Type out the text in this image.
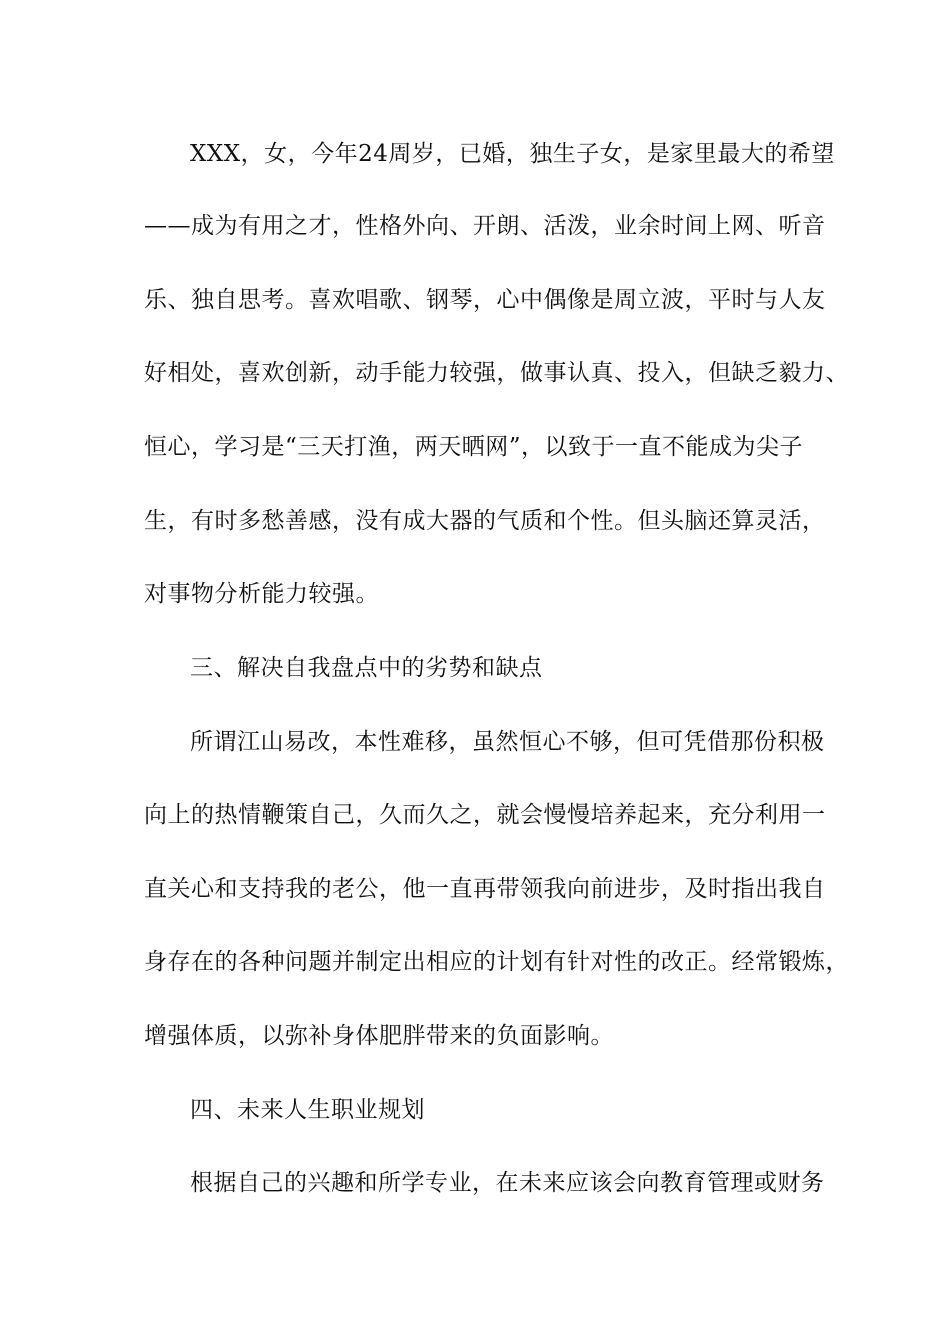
XXX，女，今年24周岁，已婚，独生子女，是家里最大的希望
——成为有用之才，性格外向、开朗、活泼，业余时间上网、听音
乐、独自思考。喜欢唱歌、钢琴，心中偶像是周立波，平时与人友
好相处，喜欢创新，动手能力较强，做事认真、投入，但缺乏毅力、
恒心，学习是“三天打渔，两天晒网”，以致于一直不能成为尖子
生，有时多愁善感，没有成大器的气质和个性。但头脑还算灵活，
对事物分析能力较强。
三、解决自我盘点中的劣势和缺点
所谓江山易改，本性难移，虽然恒心不够，但可凭借那份积极
向上的热情鞭策自己，久而久之，就会慢慢培养起来，充分利用一
直关心和支持我的老公，他一直再带领我向前进步，及时指出我自
身存在的各种问题并制定出相应的计划有针对性的改正。经常锻炼，
增强体质，以弥补身体肥胖带来的负面影响。
四、未来人生职业规划
根据自己的兴趣和所学专业，在未来应该会向教育管理或财务
